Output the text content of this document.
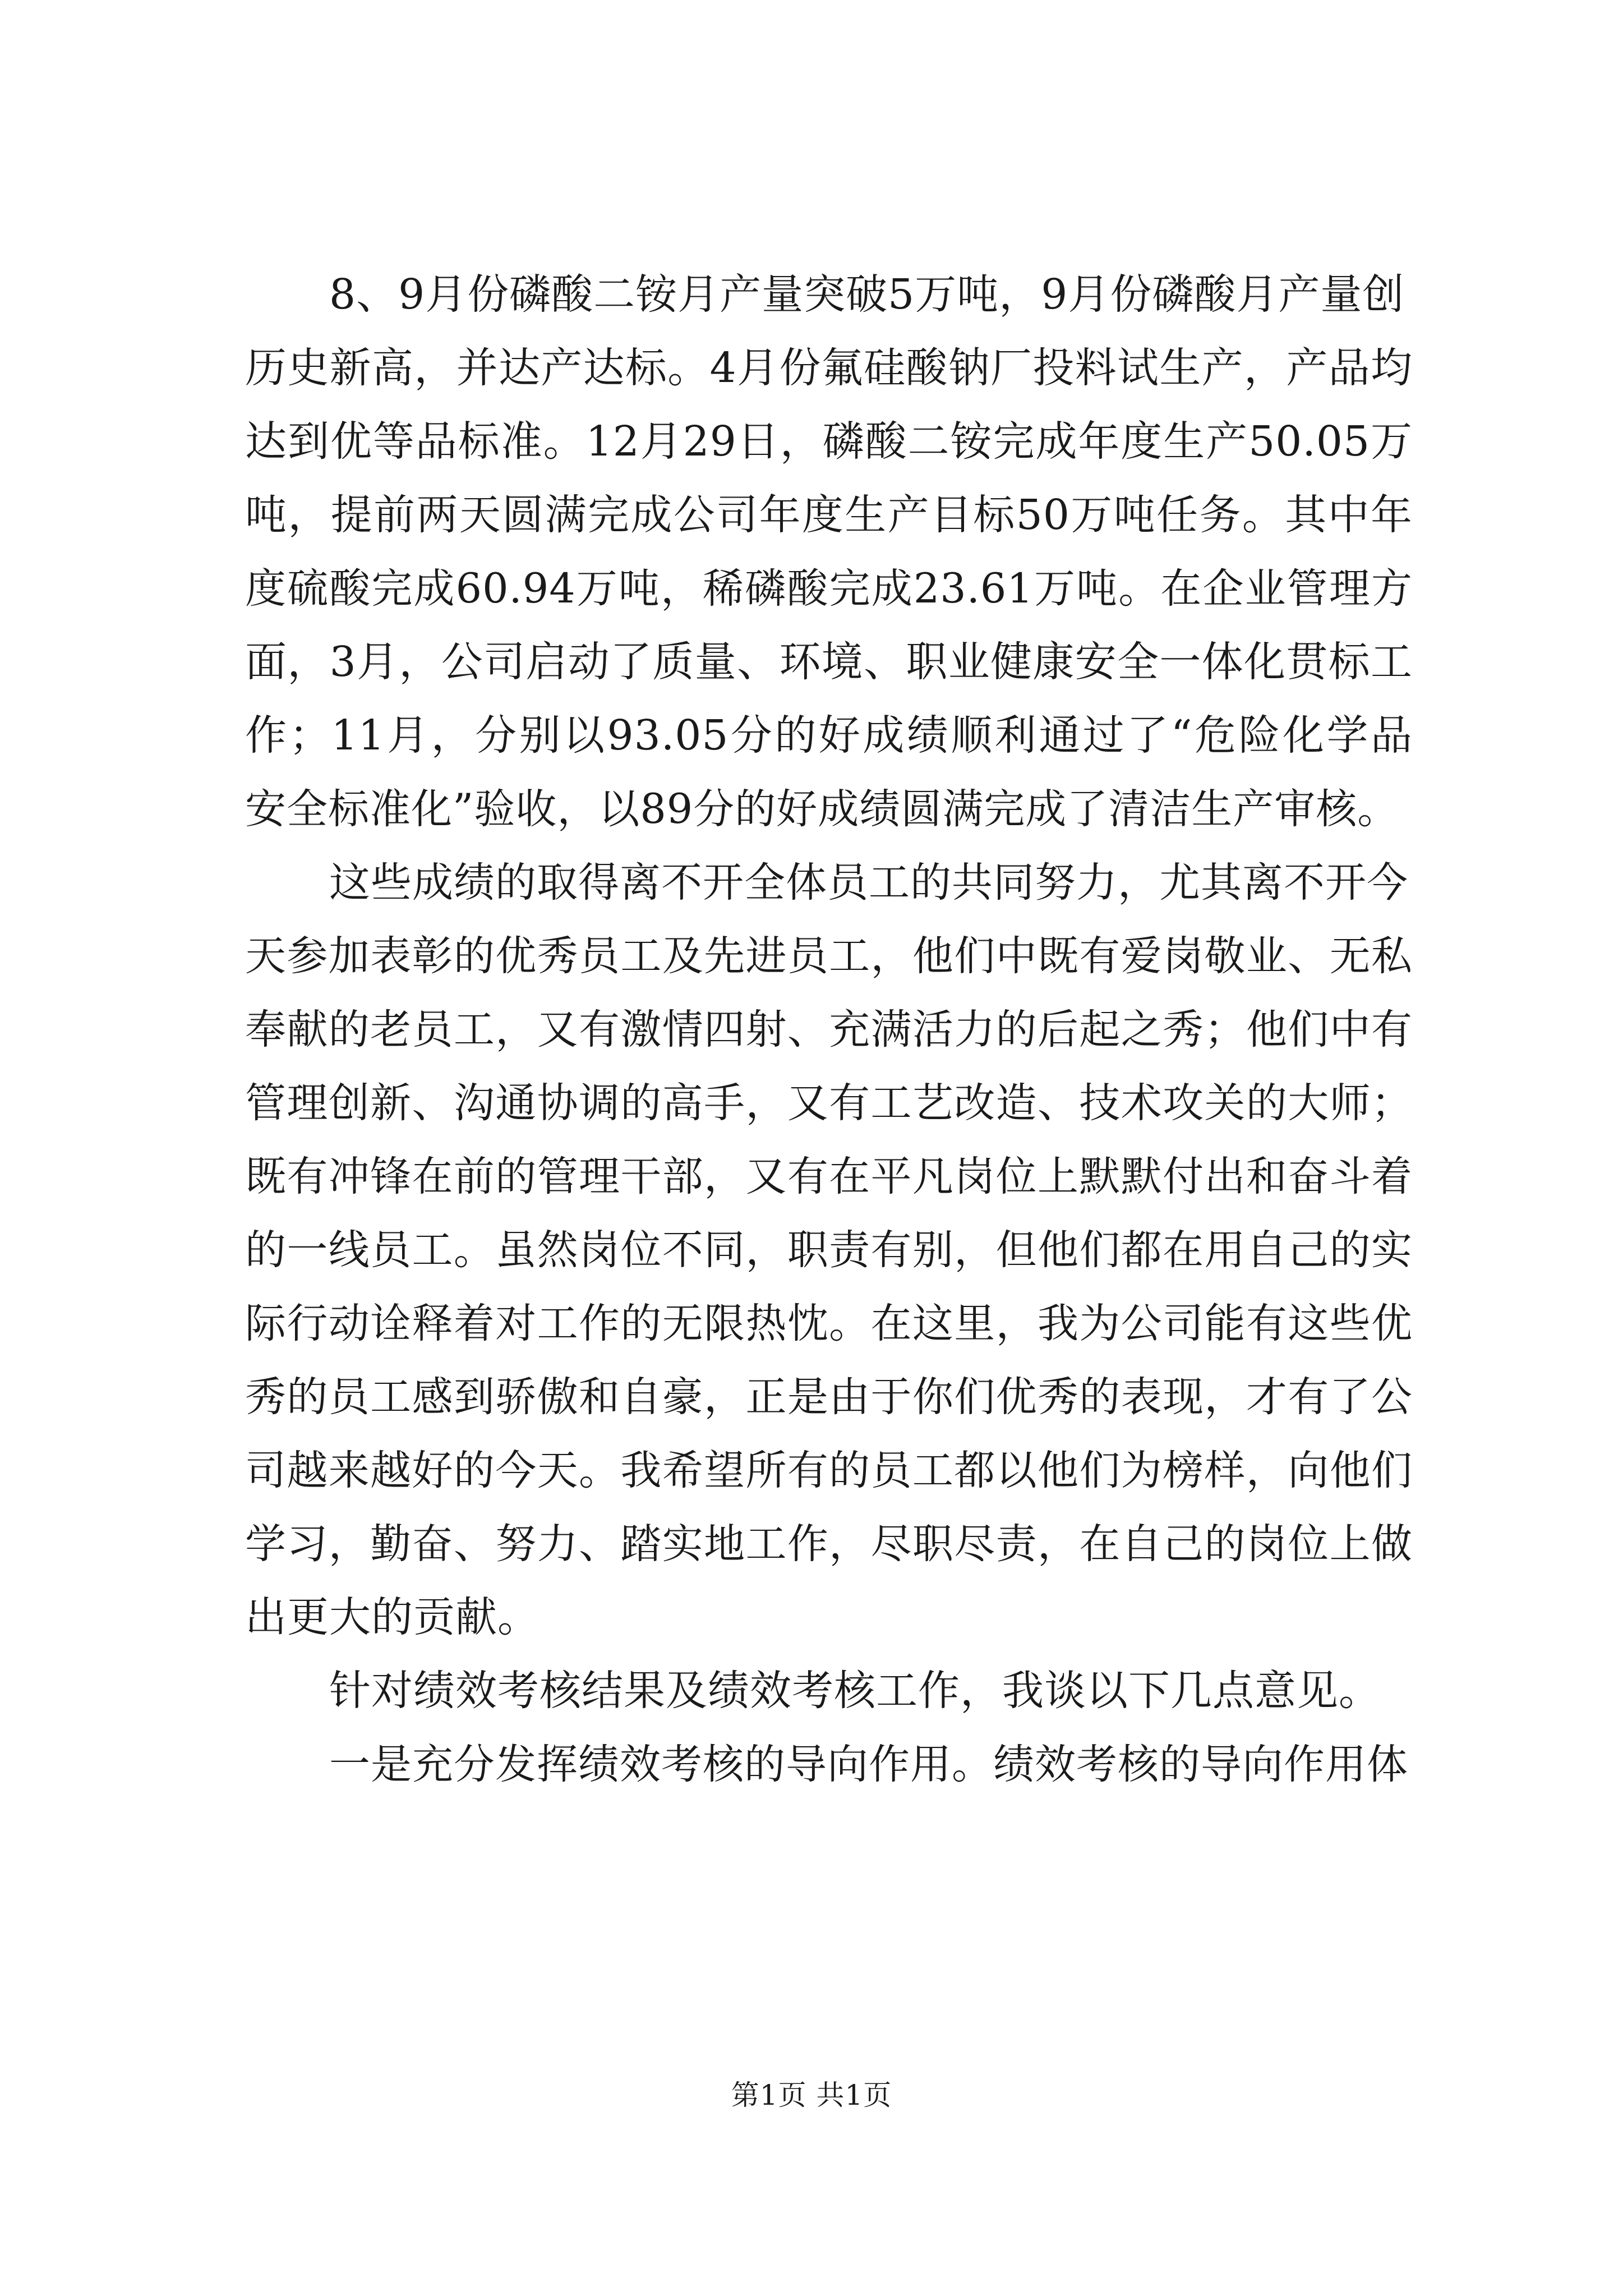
8、9月份磷酸二铵月产量突破5万吨，9月份磷酸月产量创
历史新高，并达产达标。4月份氟硅酸钠厂投料试生产，产品均
达到优等品标准。12月29日，磷酸二铵完成年度生产50.05万
吨，提前两天圆满完成公司年度生产目标50万吨任务。其中年
度硫酸完成60.94万吨，稀磷酸完成23.61万吨。在企业管理方
面，3月，公司启动了质量、环境、职业健康安全一体化贯标工
作；11月，分别以93.05分的好成绩顺利通过了“危险化学品
安全标准化”验收，以89分的好成绩圆满完成了清洁生产审核。
这些成绩的取得离不开全体员工的共同努力，尤其离不开今
天参加表彰的优秀员工及先进员工，他们中既有爱岗敬业、无私
奉献的老员工，又有激情四射、充满活力的后起之秀；他们中有
管理创新、沟通协调的高手，又有工艺改造、技术攻关的大师；
既有冲锋在前的管理干部，又有在平凡岗位上默默付出和奋斗着
的一线员工。虽然岗位不同，职责有别，但他们都在用自己的实
际行动诠释着对工作的无限热忱。在这里，我为公司能有这些优
秀的员工感到骄傲和自豪，正是由于你们优秀的表现，才有了公
司越来越好的今天。我希望所有的员工都以他们为榜样，向他们
学习，勤奋、努力、踏实地工作，尽职尽责，在自己的岗位上做
出更大的贡献。
针对绩效考核结果及绩效考核工作，我谈以下几点意见。
一是充分发挥绩效考核的导向作用。绩效考核的导向作用体
第1页 共1页
